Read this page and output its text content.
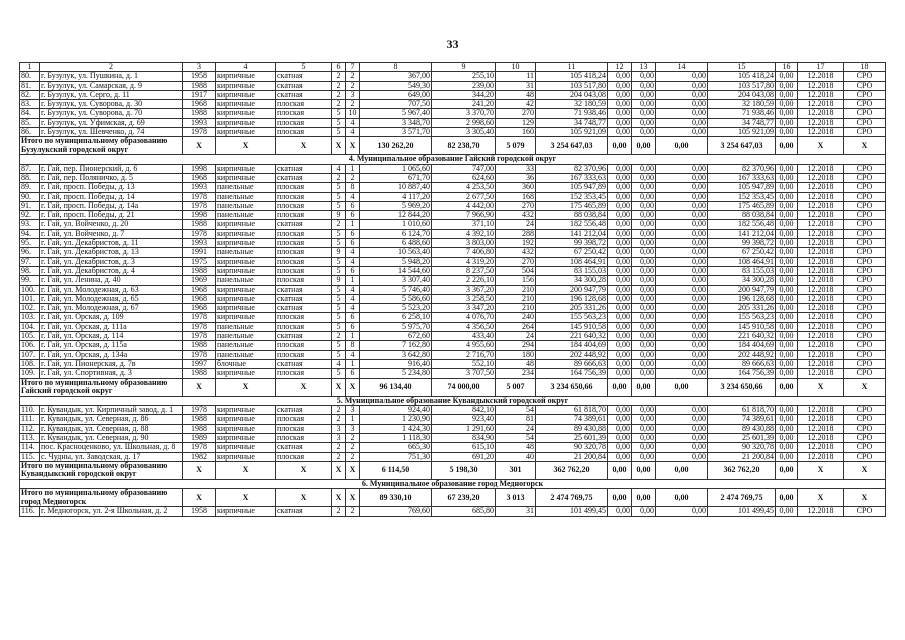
33
1	2	3	4	5	6	7	8	9	10	11	12	13	14	15	16	17	18
80.	г. Бузулук, ул. Пушкина, д. 1	1958	кирпичные	скатная	2	2	367,00	255,10	11	105 418,24	0,00	0,00	0,00	105 418,24	0,00	12.2018	СРО
81.	г. Бузулук, ул. Самарская, д. 9	1988	кирпичные	скатная	2	2	549,30	239,00	31	103 517,80	0,00	0,00	0,00	103 517,80	0,00	12.2018	СРО
82.	г. Бузулук, ул. Серго, д. 11	1917	кирпичные	скатная	2	3	649,00	344,20	48	204 043,08	0,00	0,00	0,00	204 043,08	0,00	12.2018	СРО
83.	г. Бузулук, ул. Суворова, д. 30	1968	кирпичные	плоская	2	2	707,50	241,20	42	32 180,59	0,00	0,00	0,00	32 180,59	0,00	12.2018	СРО
84.	г. Бузулук, ул. Суворова, д. 70	1988	кирпичные	плоская	5	10	5 967,40	3 370,70	270	71 938,46	0,00	0,00	0,00	71 938,46	0,00	12.2018	СРО
85.	г. Бузулук, ул. Уфимская, д. 69	1993	кирпичные	плоская	5	4	3 348,70	2 998,60	129	34 748,77	0,00	0,00	0,00	34 748,77	0,00	12.2018	СРО
86.	г. Бузулук, ул. Шевченко, д. 74	1978	кирпичные	плоская	5	4	3 571,70	3 305,40	160	105 921,09	0,00	0,00	0,00	105 921,09	0,00	12.2018	СРО
Итого по муниципальному образованию Бузулукский городской округ		X	X	X	X	X	130 262,20	82 238,70	5 079	3 254 647,03	0,00	0,00	0,00	3 254 647,03	0,00	X	X
4. Муниципальное образование Гайский городской округ																	
87.	г. Гай, пер. Пионерский, д. 6	1998	кирпичные	скатная	4	1	1 065,60	747,00	33	82 370,96	0,00	0,00	0,00	82 370,96	0,00	12.2018	СРО
88.	г. Гай, пер. Поляничко, д. 5	1968	кирпичные	скатная	2	2	671,70	624,60	36	167 333,63	0,00	0,00	0,00	167 333,63	0,00	12.2018	СРО
89.	г. Гай, просп. Победы, д. 13	1993	панельные	плоская	5	8	10 887,40	4 253,50	360	105 947,89	0,00	0,00	0,00	105 947,89	0,00	12.2018	СРО
90.	г. Гай, просп. Победы, д. 14	1978	панельные	плоская	5	4	4 117,20	2 677,50	168	152 353,45	0,00	0,00	0,00	152 353,45	0,00	12.2018	СРО
91.	г. Гай, просп. Победы, д. 14а	1978	панельные	плоская	5	6	5 969,20	4 442,00	270	175 465,89	0,00	0,00	0,00	175 465,89	0,00	12.2018	СРО
92.	г. Гай, просп. Победы, д. 21	1998	панельные	плоская	9	6	12 844,20	7 966,90	432	88 038,84	0,00	0,00	0,00	88 038,84	0,00	12.2018	СРО
93.	г. Гай, ул. Войченко, д. 20	1988	кирпичные	скатная	2	1	1 010,60	371,10	24	182 556,48	0,00	0,00	0,00	182 556,48	0,00	12.2018	СРО
94.	г. Гай, ул. Войченко, д. 7	1978	кирпичные	плоская	5	6	6 124,70	4 392,10	288	141 212,04	0,00	0,00	0,00	141 212,04	0,00	12.2018	СРО
95.	г. Гай, ул. Декабристов, д. 11	1993	кирпичные	плоская	5	6	6 488,60	3 803,00	192	99 398,72	0,00	0,00	0,00	99 398,72	0,00	12.2018	СРО
96.	г. Гай, ул. Декабристов, д. 13	1991	панельные	плоская	9	4	10 563,40	7 406,80	432	67 250,42	0,00	0,00	0,00	67 250,42	0,00	12.2018	СРО
97.	г. Гай, ул. Декабристов, д. 3	1975	кирпичные	плоская	5	4	5 948,20	4 319,20	270	108 464,91	0,00	0,00	0,00	108 464,91	0,00	12.2018	СРО
98.	г. Гай, ул. Декабристов, д. 4	1988	кирпичные	плоская	5	6	14 544,60	8 237,50	504	83 155,03	0,00	0,00	0,00	83 155,03	0,00	12.2018	СРО
99.	г. Гай, ул. Ленина, д. 40	1969	панельные	плоская	9	1	3 307,40	2 226,10	156	34 300,28	0,00	0,00	0,00	34 300,28	0,00	12.2018	СРО
100.	г. Гай, ул. Молодежная, д. 63	1968	кирпичные	скатная	5	4	5 746,40	3 367,20	210	200 947,79	0,00	0,00	0,00	200 947,79	0,00	12.2018	СРО
101.	г. Гай, ул. Молодежная, д. 65	1968	кирпичные	скатная	5	4	5 586,60	3 258,50	210	196 128,68	0,00	0,00	0,00	196 128,68	0,00	12.2018	СРО
102.	г. Гай, ул. Молодежная, д. 67	1968	кирпичные	скатная	5	4	5 523,20	3 347,20	210	205 331,26	0,00	0,00	0,00	205 331,26	0,00	12.2018	СРО
103.	г. Гай, ул. Орская, д. 109	1978	кирпичные	плоская	5	6	6 258,10	4 076,70	240	155 563,23	0,00	0,00	0,00	155 563,23	0,00	12.2018	СРО
104.	г. Гай, ул. Орская, д. 111а	1978	панельные	плоская	5	6	5 975,70	4 356,50	264	145 910,58	0,00	0,00	0,00	145 910,58	0,00	12.2018	СРО
105.	г. Гай, ул. Орская, д. 114	1978	панельные	скатная	2	1	672,60	433,40	24	221 640,32	0,00	0,00	0,00	221 640,32	0,00	12.2018	СРО
106.	г. Гай, ул. Орская, д. 115а	1988	панельные	плоская	5	8	7 162,80	4 955,60	294	184 404,69	0,00	0,00	0,00	184 404,69	0,00	12.2018	СРО
107.	г. Гай, ул. Орская, д. 134а	1978	панельные	плоская	5	4	3 642,80	2 716,70	180	202 448,92	0,00	0,00	0,00	202 448,92	0,00	12.2018	СРО
108.	г. Гай, ул. Пионерская, д. 7в	1997	блочные	скатная	4	1	916,40	552,10	48	89 666,63	0,00	0,00	0,00	89 666,63	0,00	12.2018	СРО
109.	г. Гай, ул. Спортивная, д. 3	1988	кирпичные	плоская	5	6	5 234,80	3 707,50	234	164 756,39	0,00	0,00	0,00	164 756,39	0,00	12.2018	СРО
Итого по муниципальному образованию Гайский городской округ		X	X	X	X	X	96 134,40	74 000,00	5 007	3 234 650,66	0,00	0,00	0,00	3 234 650,66	0,00	X	X
5. Муниципальное образование Кувандыкский городской округ																	
110.	г. Кувандык, ул. Кирпичный завод, д. 1	1978	кирпичные	скатная	2	3	924,40	842,10	54	61 818,70	0,00	0,00	0,00	61 818,70	0,00	12.2018	СРО
111.	г. Кувандык, ул. Северная, д. 86	1988	кирпичные	плоская	2	1	1 230,90	923,40	81	74 389,61	0,00	0,00	0,00	74 389,61	0,00	12.2018	СРО
112.	г. Кувандык, ул. Северная, д. 88	1988	кирпичные	плоская	3	3	1 424,30	1 291,60	24	89 430,88	0,00	0,00	0,00	89 430,88	0,00	12.2018	СРО
113.	г. Кувандык, ул. Северная, д. 90	1989	кирпичные	плоская	3	2	1 118,30	834,90	54	25 601,39	0,00	0,00	0,00	25 601,39	0,00	12.2018	СРО
114.	пос. Красноценково, ул. Школьная, д. 8	1978	кирпичные	скатная	2	2	665,30	615,10	48	90 320,78	0,00	0,00	0,00	90 320,78	0,00	12.2018	СРО
115.	с. Чудны, ул. Заводская, д. 17	1982	кирпичные	плоская	2	2	751,30	691,20	40	21 200,84	0,00	0,00	0,00	21 200,84	0,00	12.2018	СРО
Итого по муниципальному образованию Кувандыкский городской округ		X	X	X	X	X	6 114,50	5 198,30	301	362 762,20	0,00	0,00	0,00	362 762,20	0,00	X	X
6. Муниципальное образование город Медногорск																	
Итого по муниципальному образованию город Медногорск		X	X	X	X	X	89 330,10	67 239,20	3 013	2 474 769,75	0,00	0,00	0,00	2 474 769,75	0,00	X	X
116.	г. Медногорск, ул. 2-я Школьная, д. 2	1958	кирпичные	скатная	2	2	769,60	685,80	31	101 499,45	0,00	0,00	0,00	101 499,45	0,00	12.2018	СРО
